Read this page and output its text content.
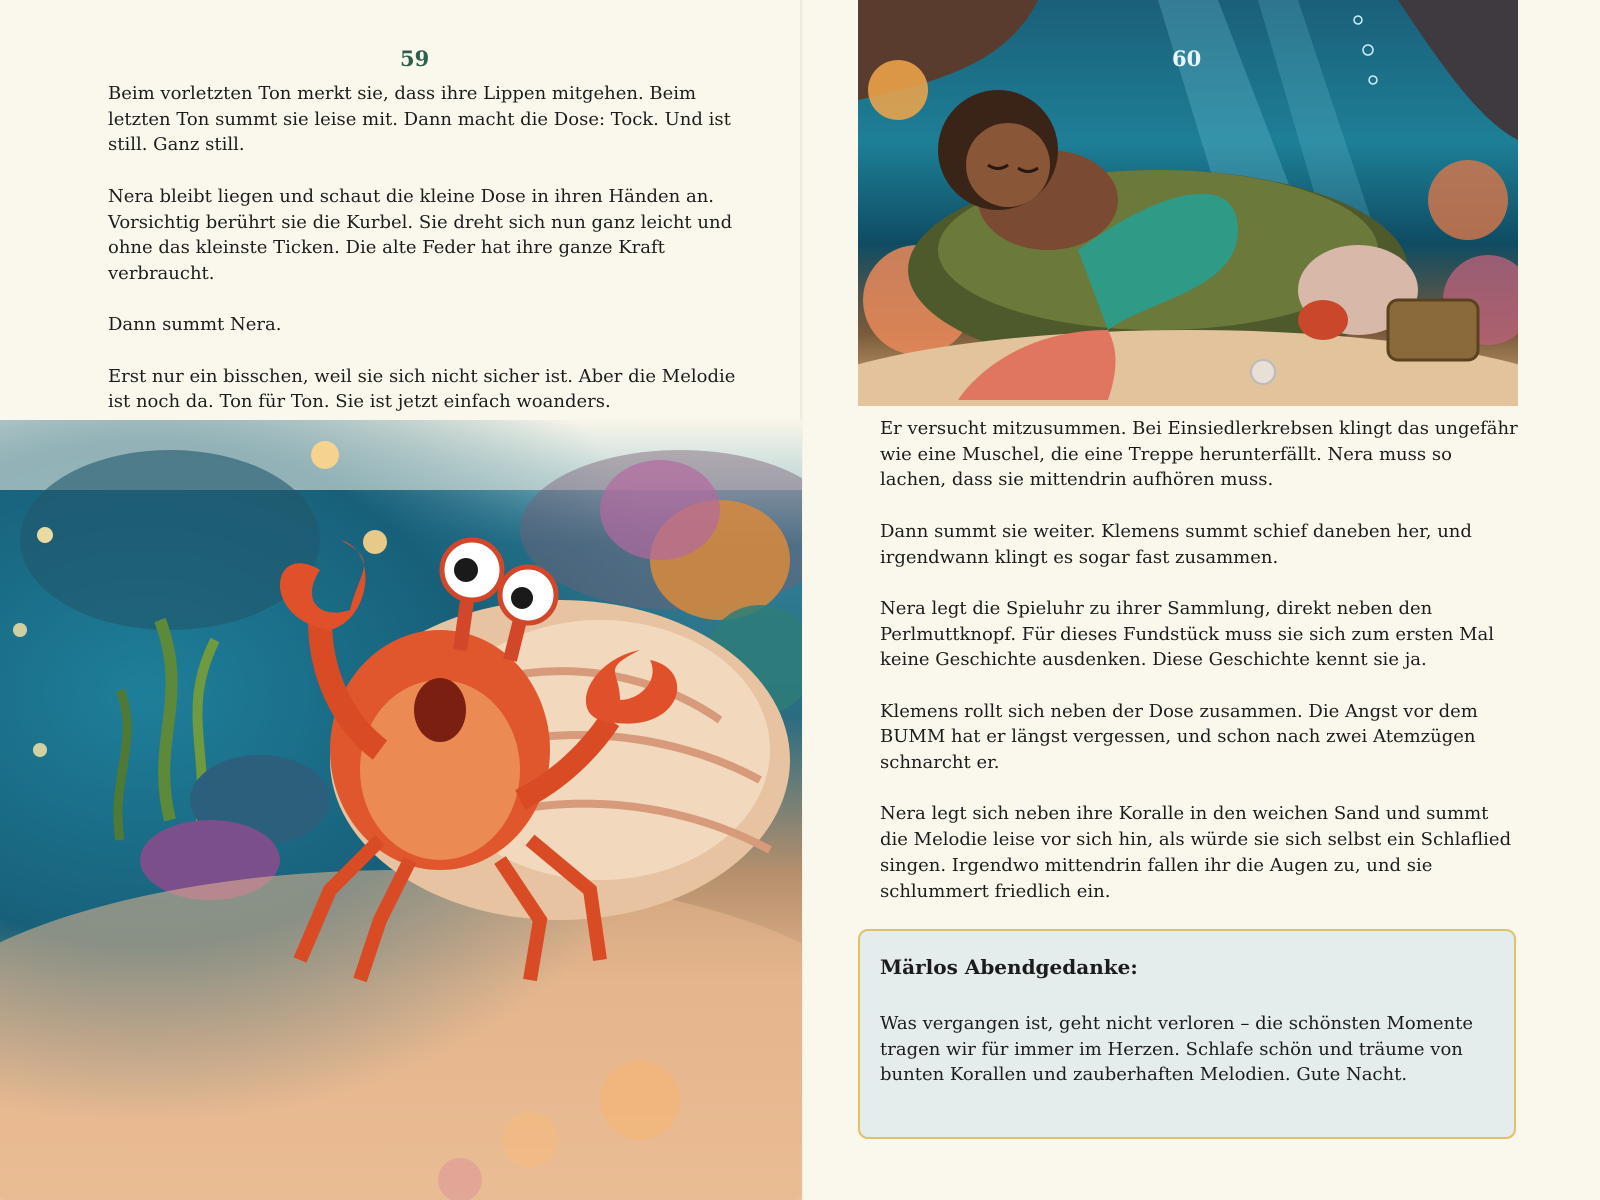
59

Beim vorletzten Ton merkt sie, dass ihre Lippen mitgehen. Beim letzten Ton summt sie leise mit. Dann macht die Dose: Tock. Und ist still. Ganz still.

Nera bleibt liegen und schaut die kleine Dose in ihren Händen an. Vorsichtig berührt sie die Kurbel. Sie dreht sich nun ganz leicht und ohne das kleinste Ticken. Die alte Feder hat ihre ganze Kraft verbraucht.

Dann summt Nera.

Erst nur ein bisschen, weil sie sich nicht sicher ist. Aber die Melodie ist noch da. Ton für Ton. Sie ist jetzt einfach woanders.

60

Er versucht mitzusummen. Bei Einsiedlerkrebsen klingt das ungefähr wie eine Muschel, die eine Treppe herunterfällt. Nera muss so lachen, dass sie mittendrin aufhören muss.

Dann summt sie weiter. Klemens summt schief daneben her, und irgendwann klingt es sogar fast zusammen.

Nera legt die Spieluhr zu ihrer Sammlung, direkt neben den Perlmuttknopf. Für dieses Fundstück muss sie sich zum ersten Mal keine Geschichte ausdenken. Diese Geschichte kennt sie ja.

Klemens rollt sich neben der Dose zusammen. Die Angst vor dem BUMM hat er längst vergessen, und schon nach zwei Atemzügen schnarcht er.

Nera legt sich neben ihre Koralle in den weichen Sand und summt die Melodie leise vor sich hin, als würde sie sich selbst ein Schlaflied singen. Irgendwo mittendrin fallen ihr die Augen zu, und sie schlummert friedlich ein.

Märlos Abendgedanke:

Was vergangen ist, geht nicht verloren – die schönsten Momente tragen wir für immer im Herzen. Schlafe schön und träume von bunten Korallen und zauberhaften Melodien. Gute Nacht.
